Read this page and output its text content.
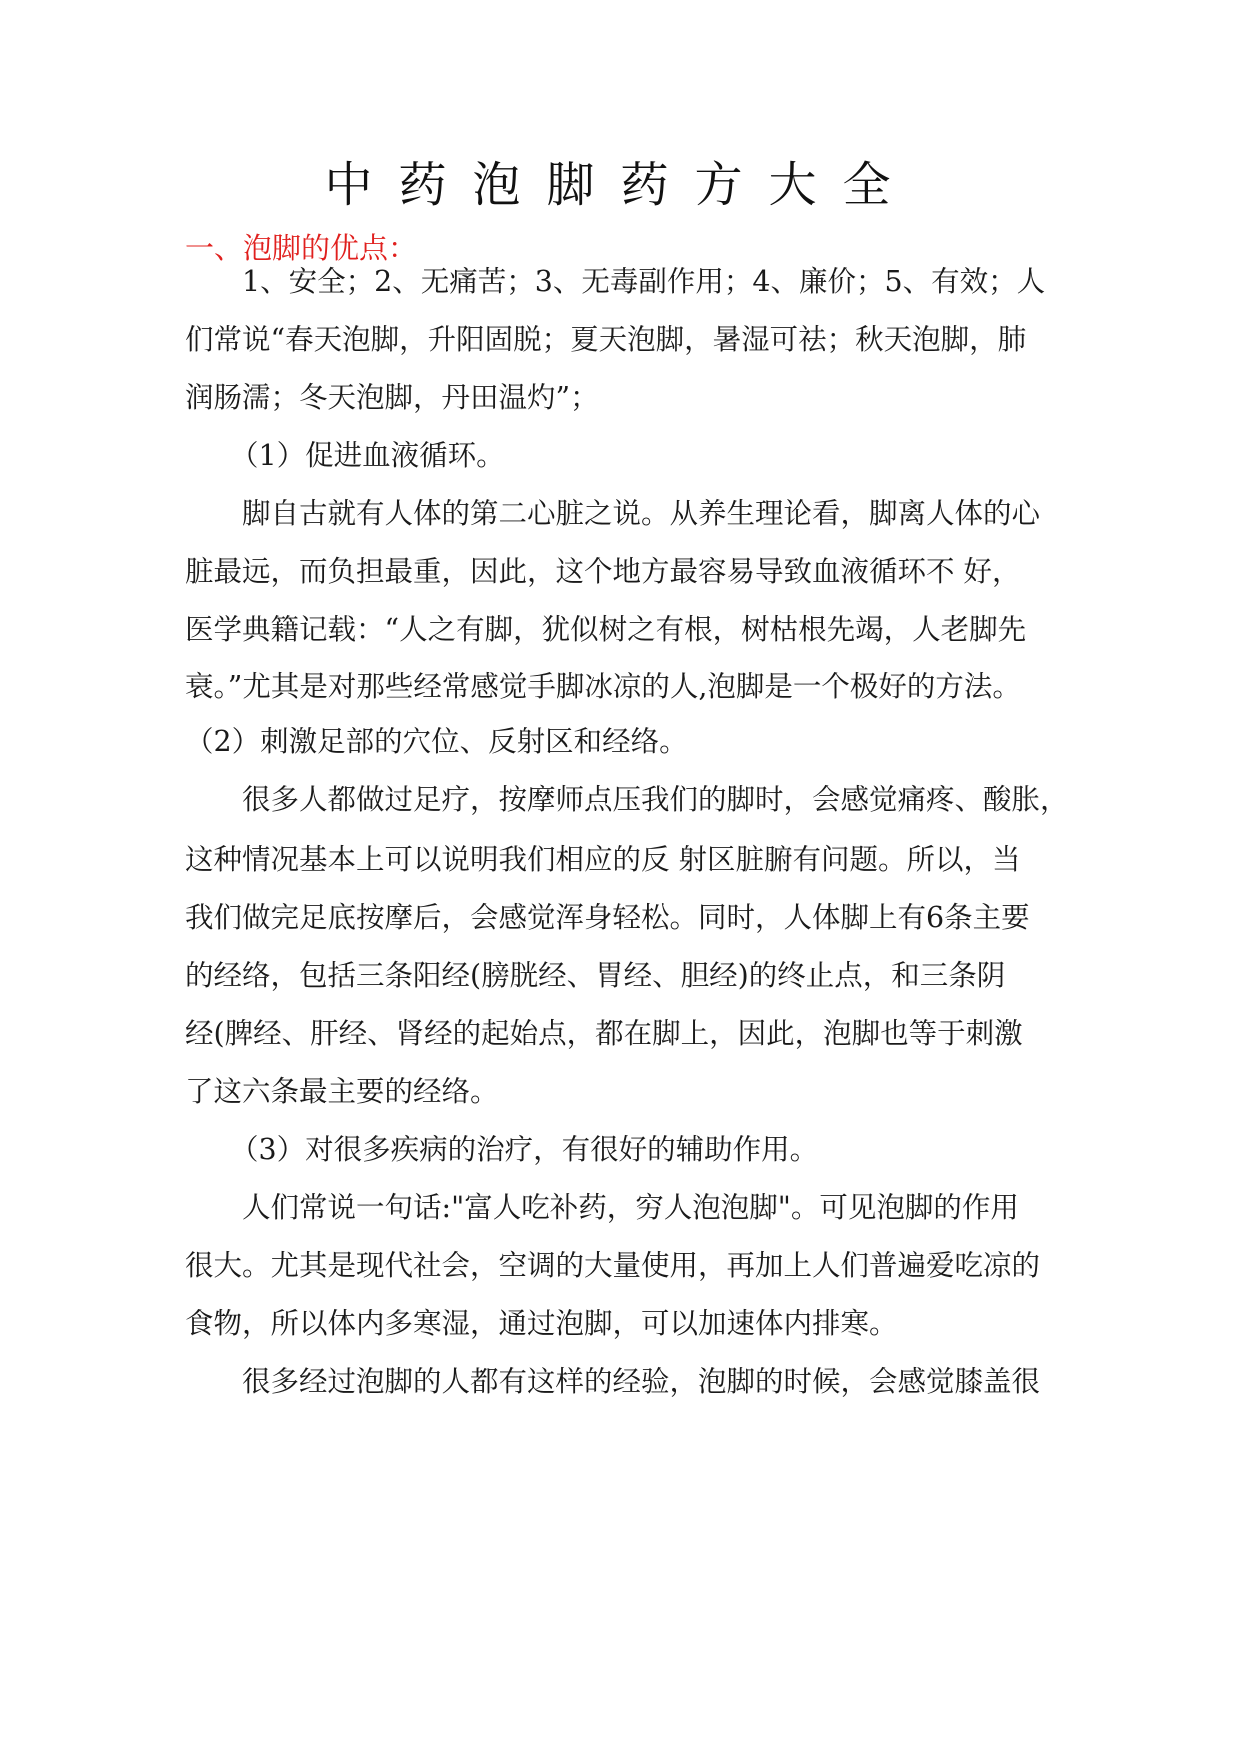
中药泡脚药方大全
一、泡脚的优点：
1、安全；2、无痛苦；3、无毒副作用；4、廉价；5、有效；人
们常说“春天泡脚，升阳固脱；夏天泡脚，暑湿可祛；秋天泡脚，肺
润肠濡；冬天泡脚，丹田温灼”；
（1）促进血液循环。
脚自古就有人体的第二心脏之说。从养生理论看，脚离人体的心
脏最远，而负担最重，因此，这个地方最容易导致血液循环不 好，
医学典籍记载：“人之有脚，犹似树之有根，树枯根先竭，人老脚先
衰。”尤其是对那些经常感觉手脚冰凉的人,泡脚是一个极好的方法。
（2）刺激足部的穴位、反射区和经络。
很多人都做过足疗，按摩师点压我们的脚时，会感觉痛疼、酸胀，
这种情况基本上可以说明我们相应的反 射区脏腑有问题。所以，当
我们做完足底按摩后，会感觉浑身轻松。同时，人体脚上有6条主要
的经络，包括三条阳经(膀胱经、胃经、胆经)的终止点，和三条阴
经(脾经、肝经、肾经的起始点，都在脚上，因此，泡脚也等于刺激
了这六条最主要的经络。
（3）对很多疾病的治疗，有很好的辅助作用。
人们常说一句话:"富人吃补药，穷人泡泡脚"。可见泡脚的作用
很大。尤其是现代社会，空调的大量使用，再加上人们普遍爱吃凉的
食物，所以体内多寒湿，通过泡脚，可以加速体内排寒。
很多经过泡脚的人都有这样的经验，泡脚的时候，会感觉膝盖很
